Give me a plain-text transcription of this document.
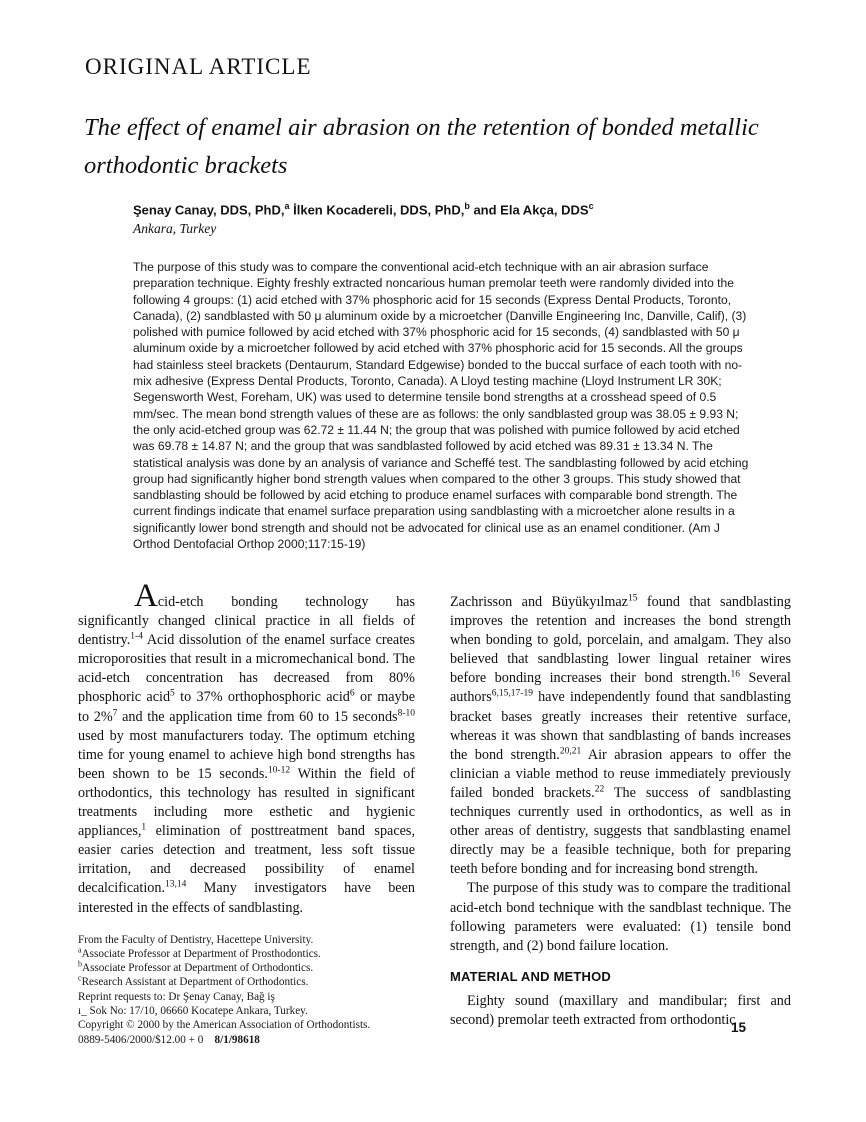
ORIGINAL ARTICLE
The effect of enamel air abrasion on the retention of bonded metallic orthodontic brackets
Şenay Canay, DDS, PhD,$^a$ İlken Kocadereli, DDS, PhD,$^b$ and Ela Akça, DDS$^c$
Ankara, Turkey
The purpose of this study was to compare the conventional acid-etch technique with an air abrasion surface preparation technique. Eighty freshly extracted noncarious human premolar teeth were randomly divided into the following 4 groups: (1) acid etched with 37% phosphoric acid for 15 seconds (Express Dental Products, Toronto, Canada), (2) sandblasted with 50 μ aluminum oxide by a microetcher (Danville Engineering Inc, Danville, Calif), (3) polished with pumice followed by acid etched with 37% phosphoric acid for 15 seconds, (4) sandblasted with 50 μ aluminum oxide by a microetcher followed by acid etched with 37% phosphoric acid for 15 seconds. All the groups had stainless steel brackets (Dentaurum, Standard Edgewise) bonded to the buccal surface of each tooth with no-mix adhesive (Express Dental Products, Toronto, Canada). A Lloyd testing machine (Lloyd Instrument LR 30K; Segensworth West, Foreham, UK) was used to determine tensile bond strengths at a crosshead speed of 0.5 mm/sec. The mean bond strength values of these are as follows: the only sandblasted group was 38.05 ± 9.93 N; the only acid-etched group was 62.72 ± 11.44 N; the group that was polished with pumice followed by acid etched was 69.78 ± 14.87 N; and the group that was sandblasted followed by acid etched was 89.31 ± 13.34 N. The statistical analysis was done by an analysis of variance and Scheffé test. The sandblasting followed by acid etching group had significantly higher bond strength values when compared to the other 3 groups. This study showed that sandblasting should be followed by acid etching to produce enamel surfaces with comparable bond strength. The current findings indicate that enamel surface preparation using sandblasting with a microetcher alone results in a significantly lower bond strength and should not be advocated for clinical use as an enamel conditioner. (Am J Orthod Dentofacial Orthop 2000;117:15-19)

Acid-etch bonding technology has significantly changed clinical practice in all fields of dentistry.$^{1-4}$ Acid dissolution of the enamel surface creates microporosities that result in a micromechanical bond. The acid-etch concentration has decreased from 80% phosphoric acid$^5$ to 37% orthophosphoric acid$^6$ or maybe to 2%$^7$ and the application time from 60 to 15 seconds$^{8-10}$ used by most manufacturers today. The optimum etching time for young enamel to achieve high bond strengths has been shown to be 15 seconds.$^{10-12}$ Within the field of orthodontics, this technology has resulted in significant treatments including more esthetic and hygienic appliances,$^1$ elimination of posttreatment band spaces, easier caries detection and treatment, less soft tissue irritation, and decreased possibility of enamel decalcification.$^{13,14}$ Many investigators have been interested in the effects of sandblasting.

From the Faculty of Dentistry, Hacettepe University.
$^a$Associate Professor at Department of Prosthodontics.
$^b$Associate Professor at Department of Orthodontics.
$^c$Research Assistant at Department of Orthodontics.
Reprint requests to: Dr Şenay Canay, Bağ iş
ı_ Sok No: 17/10, 06660 Kocatepe Ankara, Turkey.
Copyright © 2000 by the American Association of Orthodontists.
0889-5406/2000/$12.00 + 0 8/1/98618

Zachrisson and Büyükyılmaz$^{15}$ found that sandblasting improves the retention and increases the bond strength when bonding to gold, porcelain, and amalgam. They also believed that sandblasting lower lingual retainer wires before bonding increases their bond strength.$^{16}$ Several authors$^{6,15,17-19}$ have independently found that sandblasting bracket bases greatly increases their retentive surface, whereas it was shown that sandblasting of bands increases the bond strength.$^{20,21}$ Air abrasion appears to offer the clinician a viable method to reuse immediately previously failed bonded brackets.$^{22}$ The success of sandblasting techniques currently used in orthodontics, as well as in other areas of dentistry, suggests that sandblasting enamel directly may be a feasible technique, both for preparing teeth before bonding and for increasing bond strength.

The purpose of this study was to compare the traditional acid-etch bond technique with the sandblast technique. The following parameters were evaluated: (1) tensile bond strength, and (2) bond failure location.

MATERIAL AND METHOD

Eighty sound (maxillary and mandibular; first and second) premolar teeth extracted from orthodontic

15
